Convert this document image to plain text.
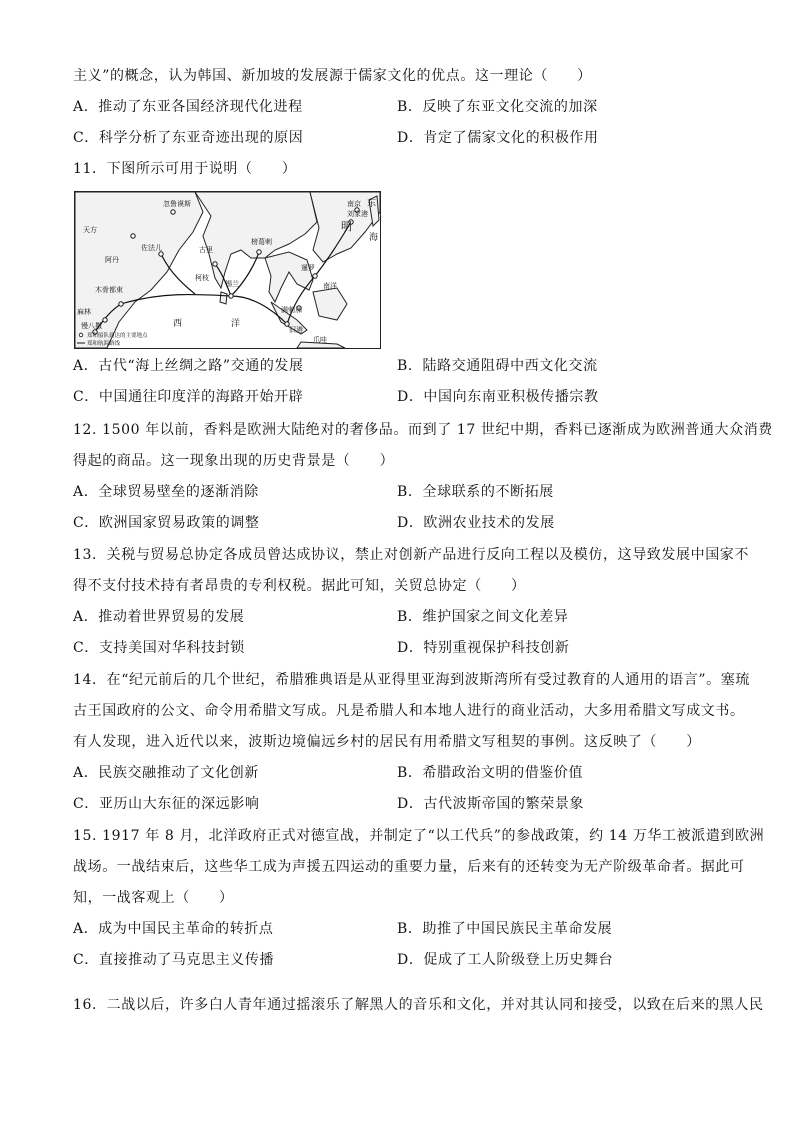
主义”的概念，认为韩国、新加坡的发展源于儒家文化的优点。这一理论（　　）
A．推动了东亚各国经济现代化进程	B．反映了东亚文化交流的加深
C．科学分析了东亚奇迹出现的原因	D．肯定了儒家文化的积极作用
11．下图所示可用于说明（　　）
忽鲁谟斯
天方
佐法儿
阿丹
木骨都束
麻林
古里
柯枝
锡兰
榜葛剌
暹罗
满剌加
旧港
爪哇
南洋
明
南京
刘家港
东
海
西	洋
慢八撒
郑和船队到达的主要地点
郑和航海路线
A．古代“海上丝绸之路”交通的发展	B．陆路交通阻碍中西文化交流
C．中国通往印度洋的海路开始开辟	D．中国向东南亚积极传播宗教
12. 1500 年以前，香料是欧洲大陆绝对的奢侈品。而到了 17 世纪中期，香料已逐渐成为欧洲普通大众消费
得起的商品。这一现象出现的历史背景是（　　）
A．全球贸易壁垒的逐渐消除	B．全球联系的不断拓展
C．欧洲国家贸易政策的调整	D．欧洲农业技术的发展
13．关税与贸易总协定各成员曾达成协议，禁止对创新产品进行反向工程以及模仿，这导致发展中国家不
得不支付技术持有者昂贵的专利权税。据此可知，关贸总协定（　　）
A．推动着世界贸易的发展	B．维护国家之间文化差异
C．支持美国对华科技封锁	D．特别重视保护科技创新
14．在“纪元前后的几个世纪，希腊雅典语是从亚得里亚海到波斯湾所有受过教育的人通用的语言”。塞琉
古王国政府的公文、命令用希腊文写成。凡是希腊人和本地人进行的商业活动，大多用希腊文写成文书。
有人发现，进入近代以来，波斯边境偏远乡村的居民有用希腊文写租契的事例。这反映了（　　）
A．民族交融推动了文化创新	B．希腊政治文明的借鉴价值
C．亚历山大东征的深远影响	D．古代波斯帝国的繁荣景象
15. 1917 年 8 月，北洋政府正式对德宣战，并制定了“以工代兵”的参战政策，约 14 万华工被派遣到欧洲
战场。一战结束后，这些华工成为声援五四运动的重要力量，后来有的还转变为无产阶级革命者。据此可
知，一战客观上（　　）
A．成为中国民主革命的转折点	B．助推了中国民族民主革命发展
C．直接推动了马克思主义传播	D．促成了工人阶级登上历史舞台
16．二战以后，许多白人青年通过摇滚乐了解黑人的音乐和文化，并对其认同和接受，以致在后来的黑人民
